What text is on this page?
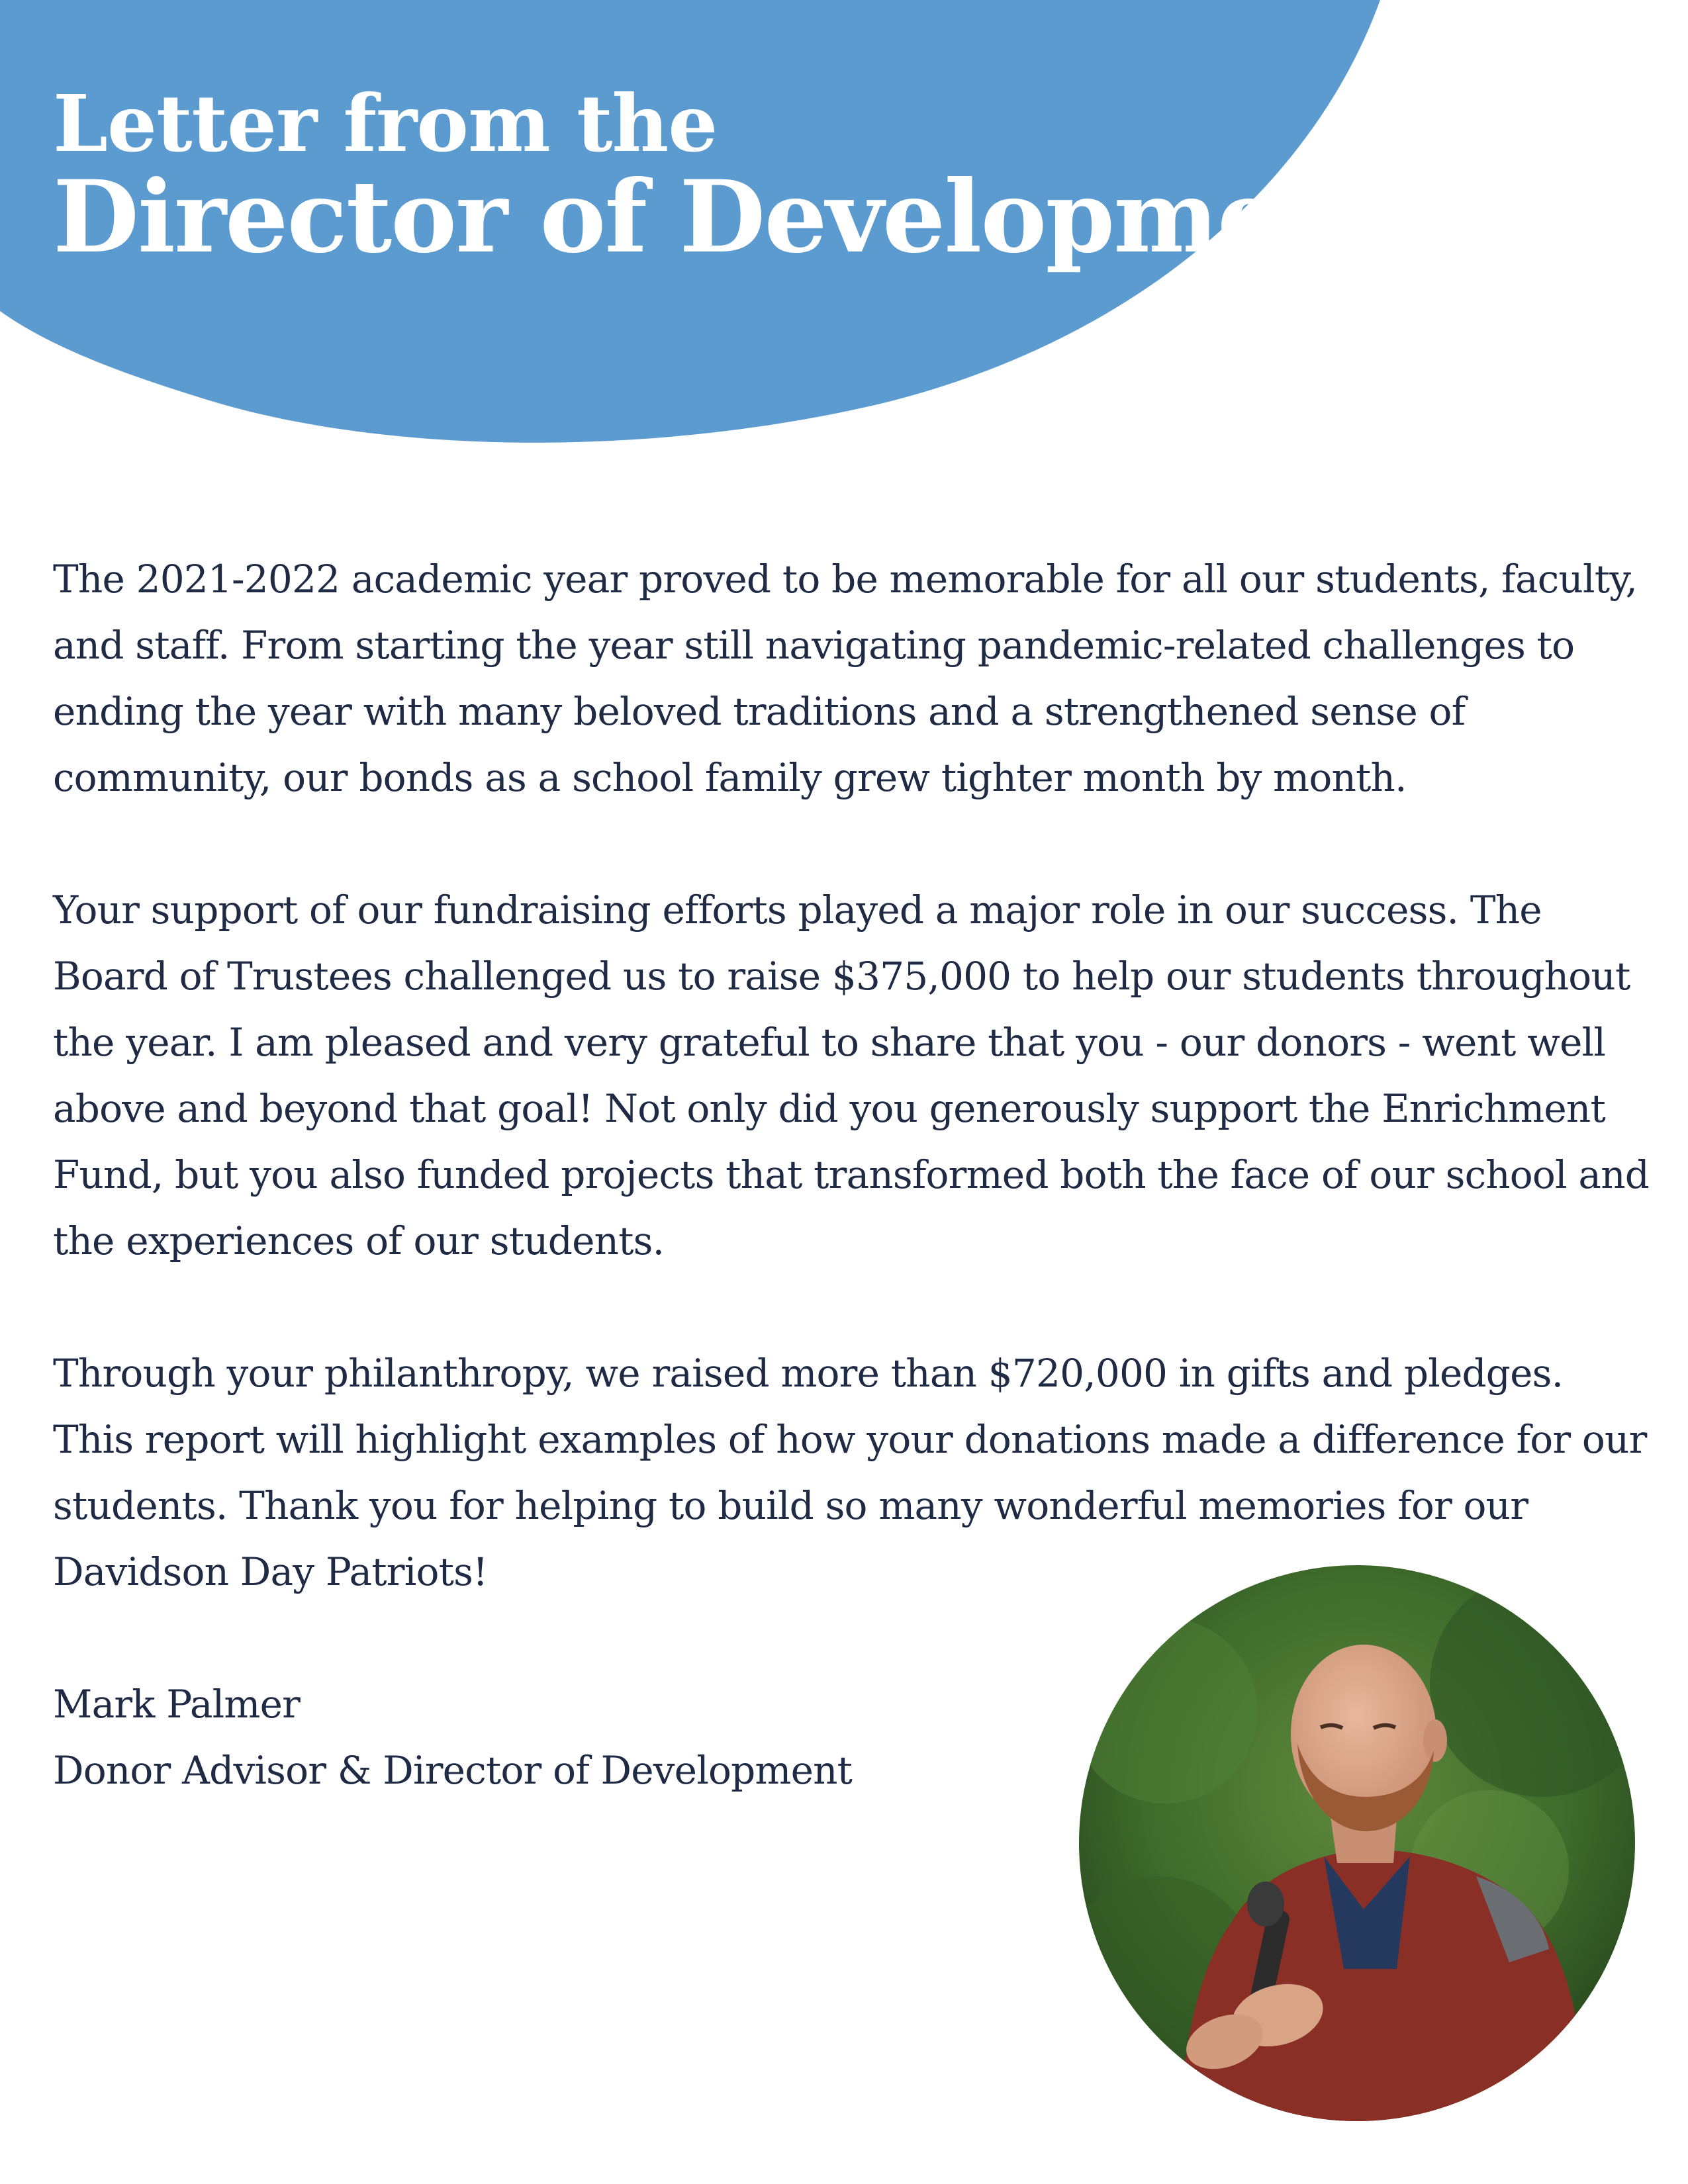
Letter from the
Director of Development

The 2021-2022 academic year proved to be memorable for all our students, faculty, and staff. From starting the year still navigating pandemic-related challenges to ending the year with many beloved traditions and a strengthened sense of community, our bonds as a school family grew tighter month by month.

Your support of our fundraising efforts played a major role in our success. The Board of Trustees challenged us to raise $375,000 to help our students throughout the year. I am pleased and very grateful to share that you - our donors - went well above and beyond that goal! Not only did you generously support the Enrichment Fund, but you also funded projects that transformed both the face of our school and the experiences of our students.

Through your philanthropy, we raised more than $720,000 in gifts and pledges. This report will highlight examples of how your donations made a difference for our students. Thank you for helping to build so many wonderful memories for our Davidson Day Patriots!

Mark Palmer
Donor Advisor & Director of Development
